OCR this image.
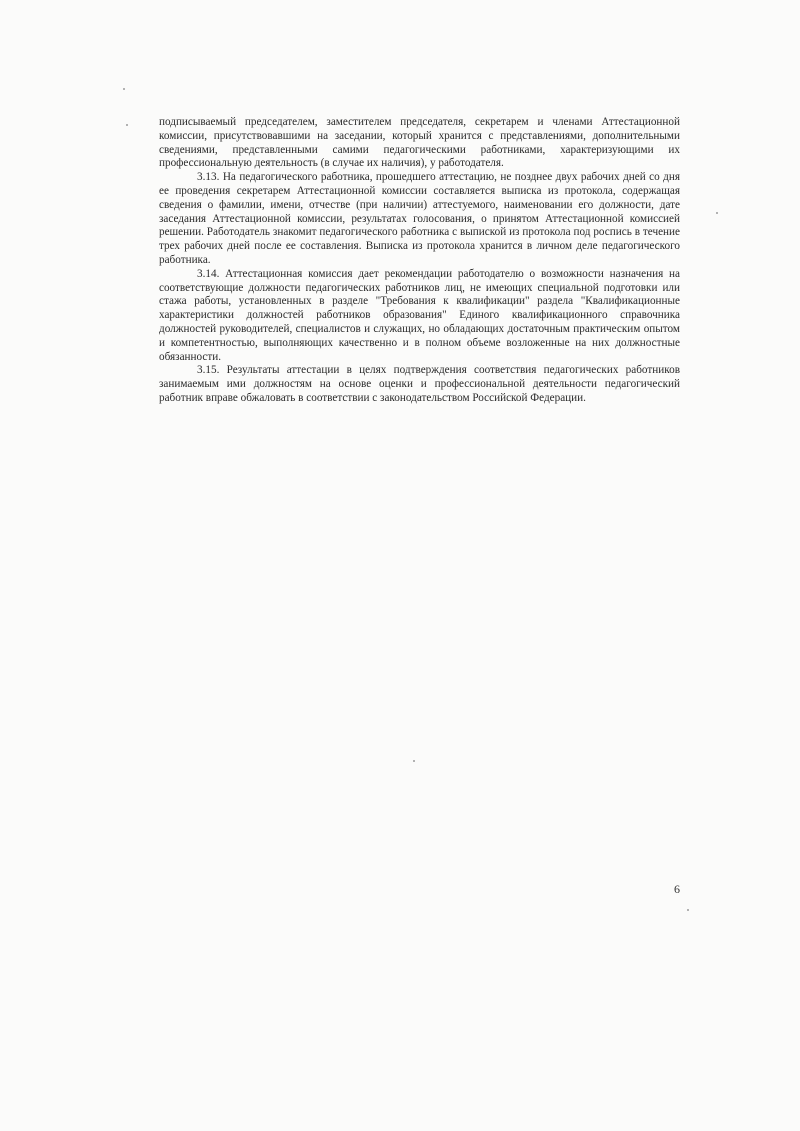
подписываемый председателем, заместителем председателя, секретарем и членами Аттестационной комиссии, присутствовавшими на заседании, который хранится с представлениями, дополнительными сведениями, представленными самими педагогическими работниками, характеризующими их профессиональную деятельность (в случае их наличия), у работодателя.

3.13. На педагогического работника, прошедшего аттестацию, не позднее двух рабочих дней со дня ее проведения секретарем Аттестационной комиссии составляется выписка из протокола, содержащая сведения о фамилии, имени, отчестве (при наличии) аттестуемого, наименовании его должности, дате заседания Аттестационной комиссии, результатах голосования, о принятом Аттестационной комиссией решении. Работодатель знакомит педагогического работника с выпиской из протокола под роспись в течение трех рабочих дней после ее составления. Выписка из протокола хранится в личном деле педагогического работника.

3.14. Аттестационная комиссия дает рекомендации работодателю о возможности назначения на соответствующие должности педагогических работников лиц, не имеющих специальной подготовки или стажа работы, установленных в разделе "Требования к квалификации" раздела "Квалификационные характеристики должностей работников образования" Единого квалификационного справочника должностей руководителей, специалистов и служащих, но обладающих достаточным практическим опытом и компетентностью, выполняющих качественно и в полном объеме возложенные на них должностные обязанности.

3.15. Результаты аттестации в целях подтверждения соответствия педагогических работников занимаемым ими должностям на основе оценки и профессиональной деятельности педагогический работник вправе обжаловать в соответствии с законодательством Российской Федерации.

6
